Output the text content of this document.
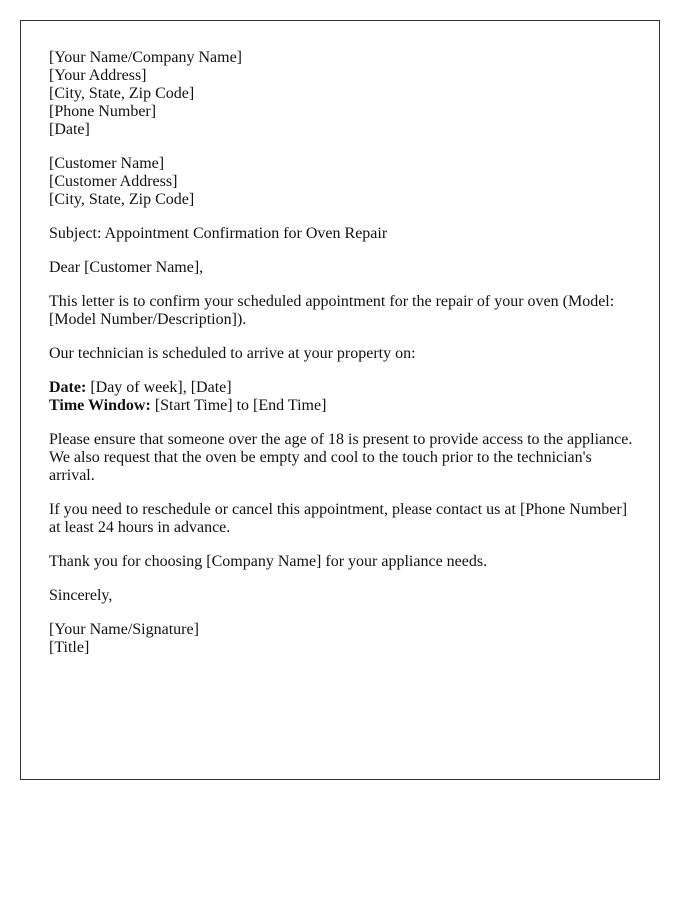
[Your Name/Company Name]
[Your Address]
[City, State, Zip Code]
[Phone Number]
[Date]
[Customer Name]
[Customer Address]
[City, State, Zip Code]
Subject: Appointment Confirmation for Oven Repair
Dear [Customer Name],
This letter is to confirm your scheduled appointment for the repair of your oven (Model:
[Model Number/Description]).
Our technician is scheduled to arrive at your property on:
Date: [Day of week], [Date]
Time Window: [Start Time] to [End Time]
Please ensure that someone over the age of 18 is present to provide access to the appliance.
We also request that the oven be empty and cool to the touch prior to the technician's
arrival.
If you need to reschedule or cancel this appointment, please contact us at [Phone Number]
at least 24 hours in advance.
Thank you for choosing [Company Name] for your appliance needs.
Sincerely,
[Your Name/Signature]
[Title]
